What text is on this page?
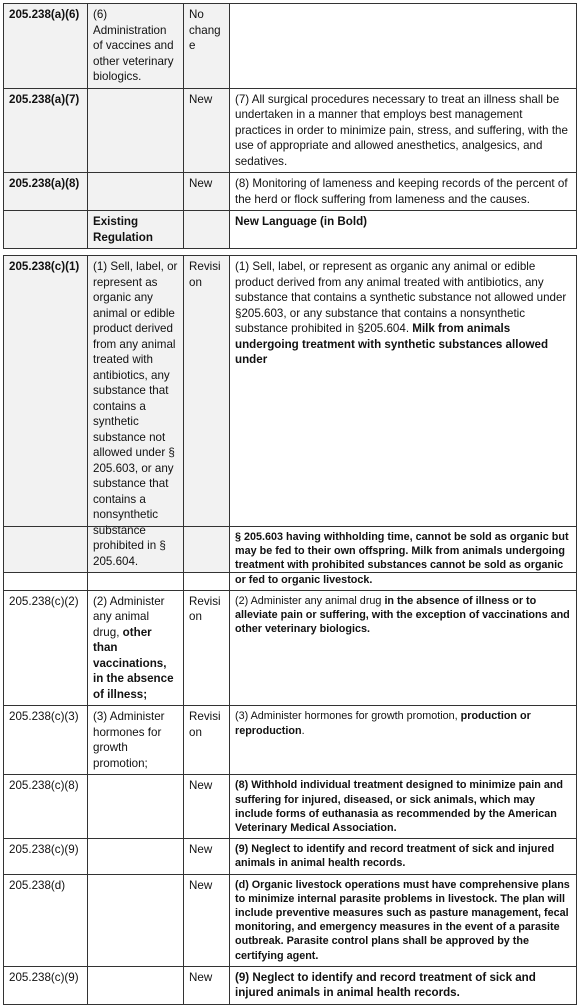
205.238(a)(6)	(6) Administration of vaccines and other veterinary biologics.	No change	
205.238(a)(7)		New	(7) All surgical procedures necessary to treat an illness shall be undertaken in a manner that employs best management practices in order to minimize pain, stress, and suffering, with the use of appropriate and allowed anesthetics, analgesics, and sedatives.
205.238(a)(8)		New	(8) Monitoring of lameness and keeping records of the percent of the herd or flock suffering from lameness and the causes.
	Existing Regulation		New Language (in Bold)
205.238(c)(1)	(1) Sell, label, or represent as organic any animal or edible product derived from any animal treated with antibiotics, any substance that contains a synthetic substance not allowed under § 205.603, or any substance that contains a nonsynthetic substance prohibited in § 205.604.	Revision	(1) Sell, label, or represent as organic any animal or edible product derived from any animal treated with antibiotics, any substance that contains a synthetic substance not allowed under §205.603, or any substance that contains a nonsynthetic substance prohibited in §205.604. Milk from animals undergoing treatment with synthetic substances allowed under
			§ 205.603 having withholding time, cannot be sold as organic but may be fed to their own offspring. Milk from animals undergoing treatment with prohibited substances cannot be sold as organic or fed to organic livestock.
205.238(c)(2)	(2) Administer any animal drug, other than vaccinations, in the absence of illness;	Revision	(2) Administer any animal drug in the absence of illness or to alleviate pain or suffering, with the exception of vaccinations and other veterinary biologics.
205.238(c)(3)	(3) Administer hormones for growth promotion;	Revision	(3) Administer hormones for growth promotion, production or reproduction.
205.238(c)(8)		New	(8) Withhold individual treatment designed to minimize pain and suffering for injured, diseased, or sick animals, which may include forms of euthanasia as recommended by the American Veterinary Medical Association.
205.238(c)(9)		New	(9) Neglect to identify and record treatment of sick and injured animals in animal health records.
205.238(d)		New	(d) Organic livestock operations must have comprehensive plans to minimize internal parasite problems in livestock. The plan will include preventive measures such as pasture management, fecal monitoring, and emergency measures in the event of a parasite outbreak. Parasite control plans shall be approved by the certifying agent.
205.238(c)(9)		New	(9) Neglect to identify and record treatment of sick and injured animals in animal health records.
